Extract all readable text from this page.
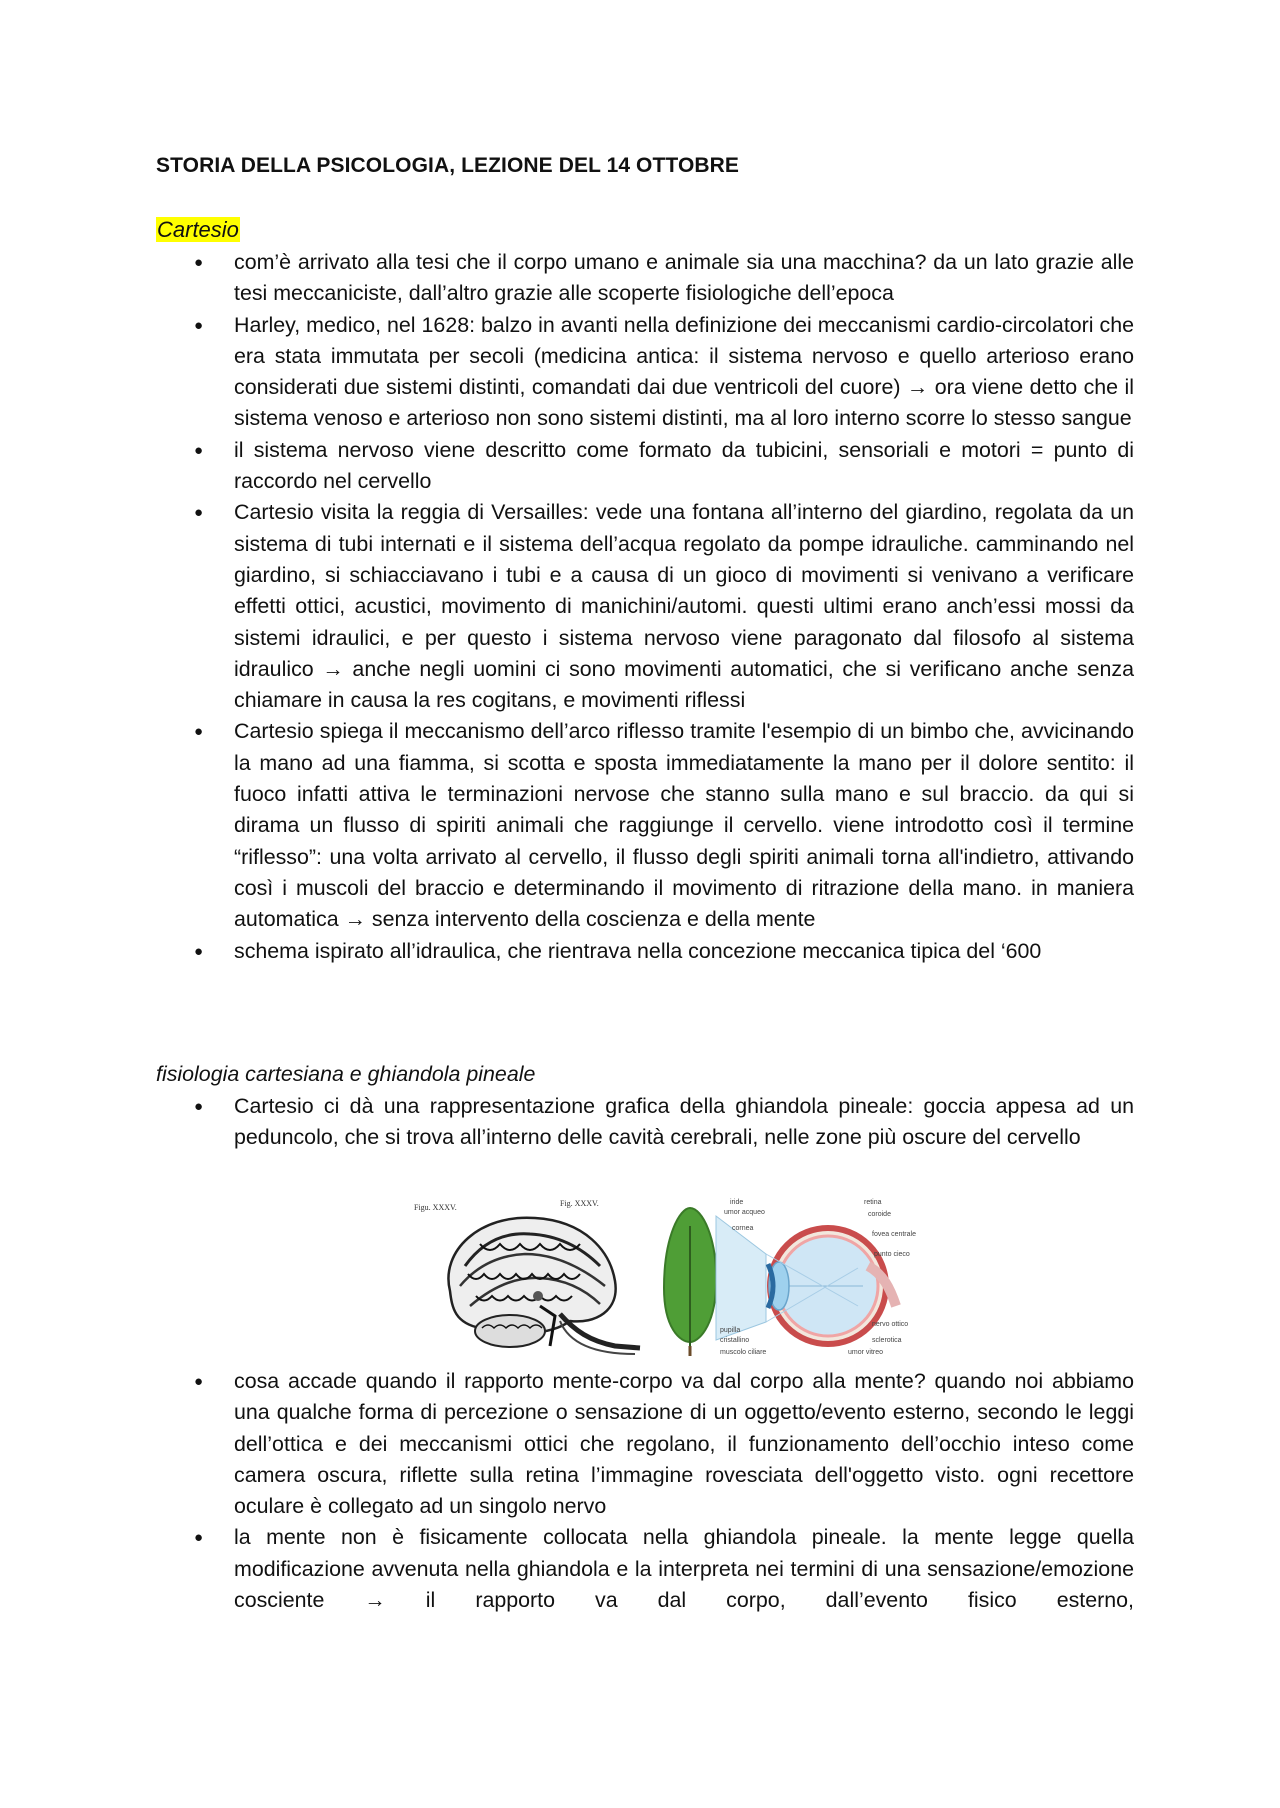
STORIA DELLA PSICOLOGIA, LEZIONE DEL 14 OTTOBRE
Cartesio
● com’è arrivato alla tesi che il corpo umano e animale sia una macchina? da un lato grazie alle tesi meccaniciste, dall’altro grazie alle scoperte fisiologiche dell’epoca
● Harley, medico, nel 1628: balzo in avanti nella definizione dei meccanismi cardio-circolatori che era stata immutata per secoli (medicina antica: il sistema nervoso e quello arterioso erano considerati due sistemi distinti, comandati dai due ventricoli del cuore) → ora viene detto che il sistema venoso e arterioso non sono sistemi distinti, ma al loro interno scorre lo stesso sangue
● il sistema nervoso viene descritto come formato da tubicini, sensoriali e motori = punto di raccordo nel cervello
● Cartesio visita la reggia di Versailles: vede una fontana all’interno del giardino, regolata da un sistema di tubi internati e il sistema dell’acqua regolato da pompe idrauliche. camminando nel giardino, si schiacciavano i tubi e a causa di un gioco di movimenti si venivano a verificare effetti ottici, acustici, movimento di manichini/automi. questi ultimi erano anch’essi mossi da sistemi idraulici, e per questo i sistema nervoso viene paragonato dal filosofo al sistema idraulico → anche negli uomini ci sono movimenti automatici, che si verificano anche senza chiamare in causa la res cogitans, e movimenti riflessi
● Cartesio spiega il meccanismo dell’arco riflesso tramite l'esempio di un bimbo che, avvicinando la mano ad una fiamma, si scotta e sposta immediatamente la mano per il dolore sentito: il fuoco infatti attiva le terminazioni nervose che stanno sulla mano e sul braccio. da qui si dirama un flusso di spiriti animali che raggiunge il cervello. viene introdotto così il termine “riflesso”: una volta arrivato al cervello, il flusso degli spiriti animali torna all'indietro, attivando così i muscoli del braccio e determinando il movimento di ritrazione della mano. in maniera automatica → senza intervento della coscienza e della mente
● schema ispirato all’idraulica, che rientrava nella concezione meccanica tipica del ‘600
fisiologia cartesiana e ghiandola pineale
● Cartesio ci dà una rappresentazione grafica della ghiandola pineale: goccia appesa ad un peduncolo, che si trova all’interno delle cavità cerebrali, nelle zone più oscure del cervello
Figu. XXXV.	Fig. XXXV.	iride
umor acqueo
cornea
pupilla
cristallino
muscolo ciliare
retina
coroide
fovea centrale
punto cieco
nervo ottico
sclerotica
umor vitreo
● cosa accade quando il rapporto mente-corpo va dal corpo alla mente? quando noi abbiamo una qualche forma di percezione o sensazione di un oggetto/evento esterno, secondo le leggi dell’ottica e dei meccanismi ottici che regolano, il funzionamento dell’occhio inteso come camera oscura, riflette sulla retina l’immagine rovesciata dell'oggetto visto. ogni recettore oculare è collegato ad un singolo nervo
● la mente non è fisicamente collocata nella ghiandola pineale. la mente legge quella modificazione avvenuta nella ghiandola e la interpreta nei termini di una sensazione/emozione cosciente → il rapporto va dal corpo, dall’evento fisico esterno,
